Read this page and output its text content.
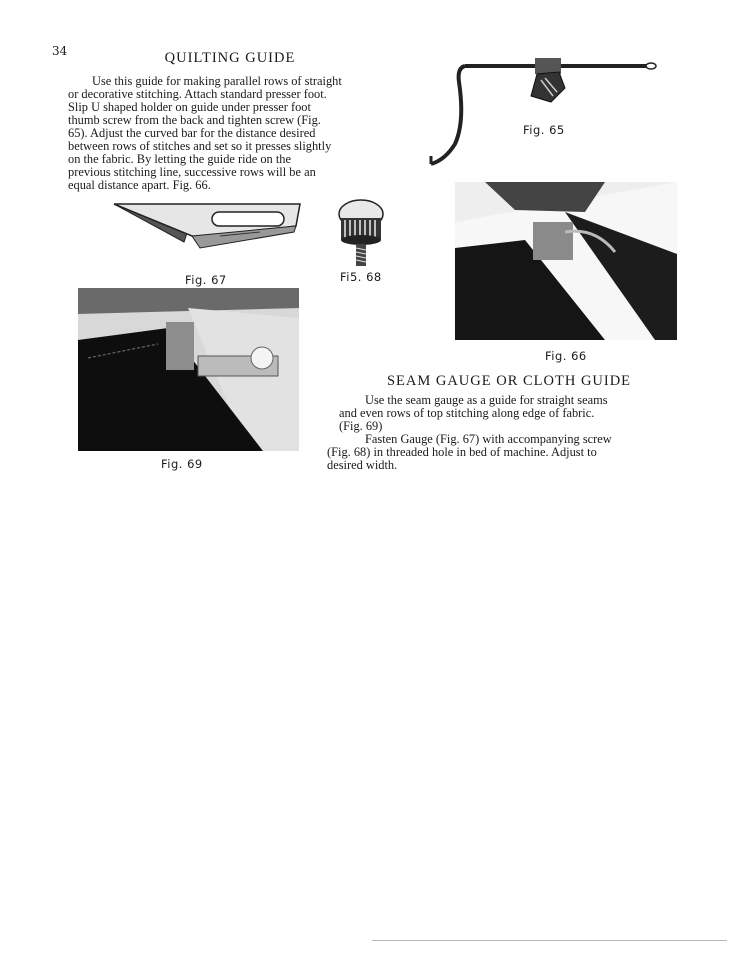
34	QUILTING GUIDE
Use this guide for making parallel rows of straight
or decorative stitching. Attach standard presser foot.
Slip U shaped holder on guide under presser foot
thumb screw from the back and tighten screw (Fig.
65). Adjust the curved bar for the distance desired
between rows of stitches and set so it presses slightly
on the fabric. By letting the guide ride on the
previous stitching line, successive rows will be an
equal distance apart. Fig. 66.
Fig. 65
Fig. 66
Fig. 67	Fi5. 68
Fig. 69
SEAM GAUGE OR CLOTH GUIDE
Use the seam gauge as a guide for straight seams
and even rows of top stitching along edge of fabric.
(Fig. 69)
Fasten Gauge (Fig. 67) with accompanying screw
(Fig. 68) in threaded hole in bed of machine. Adjust to
desired width.
